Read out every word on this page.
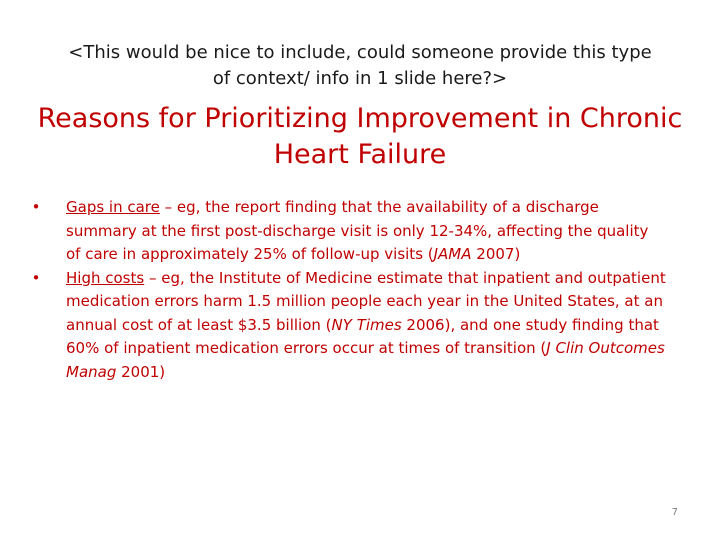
<This would be nice to include, could someone provide this type
of context/ info in 1 slide here?>
Reasons for Prioritizing Improvement in Chronic
Heart Failure
•	Gaps in care – eg, the report finding that the availability of a discharge summary at the first post-discharge visit is only 12-34%, affecting the quality of care in approximately 25% of follow-up visits (JAMA 2007)
•	High costs – eg, the Institute of Medicine estimate that inpatient and outpatient medication errors harm 1.5 million people each year in the United States, at an annual cost of at least $3.5 billion (NY Times 2006), and one study finding that 60% of inpatient medication errors occur at times of transition (J Clin Outcomes Manag 2001)
7
